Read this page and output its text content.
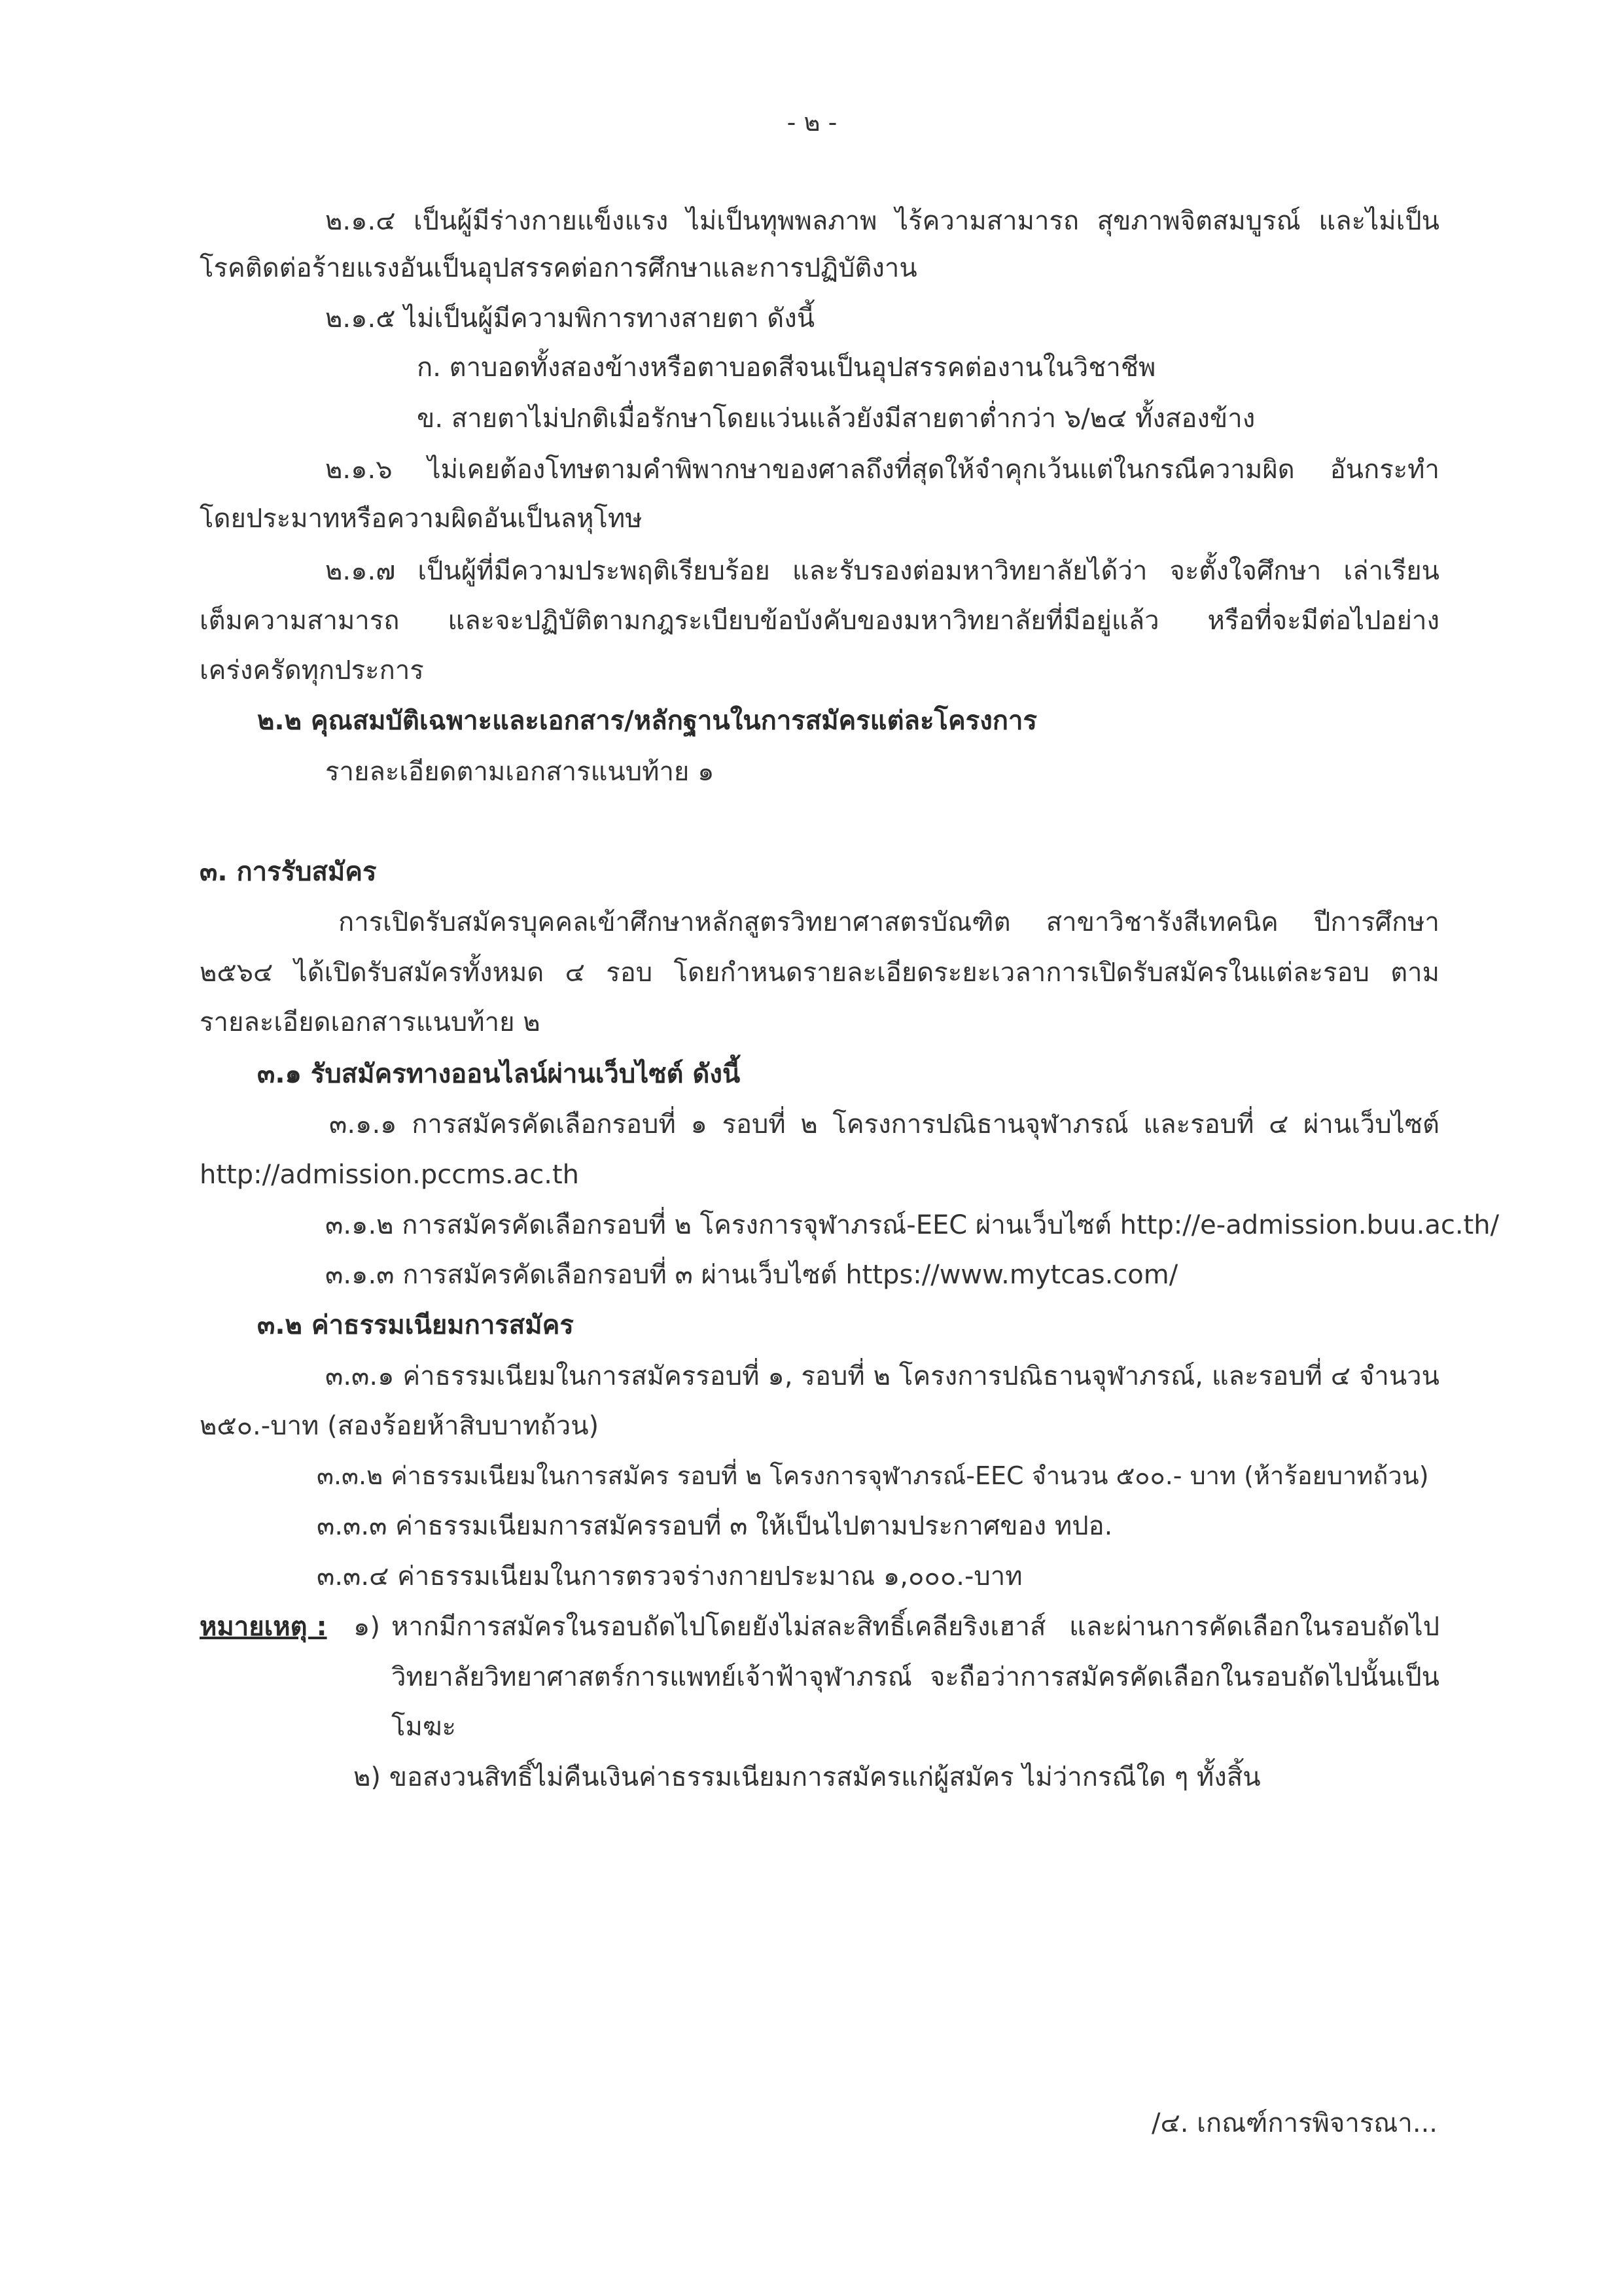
- ๒ -
๒.๑.๔ เป็นผู้มีร่างกายแข็งแรง ไม่เป็นทุพพลภาพ ไร้ความสามารถ สุขภาพจิตสมบูรณ์ และไม่เป็น
โรคติดต่อร้ายแรงอันเป็นอุปสรรคต่อการศึกษาและการปฏิบัติงาน
๒.๑.๕ ไม่เป็นผู้มีความพิการทางสายตา ดังนี้
ก. ตาบอดทั้งสองข้างหรือตาบอดสีจนเป็นอุปสรรคต่องานในวิชาชีพ
ข. สายตาไม่ปกติเมื่อรักษาโดยแว่นแล้วยังมีสายตาต่ำกว่า ๖/๒๔ ทั้งสองข้าง
๒.๑.๖ ไม่เคยต้องโทษตามคำพิพากษาของศาลถึงที่สุดให้จำคุกเว้นแต่ในกรณีความผิด อันกระทำ
โดยประมาทหรือความผิดอันเป็นลหุโทษ
๒.๑.๗ เป็นผู้ที่มีความประพฤติเรียบร้อย และรับรองต่อมหาวิทยาลัยได้ว่า จะตั้งใจศึกษา เล่าเรียน
เต็มความสามารถ และจะปฏิบัติตามกฎระเบียบข้อบังคับของมหาวิทยาลัยที่มีอยู่แล้ว หรือที่จะมีต่อไปอย่าง
เคร่งครัดทุกประการ
๒.๒ คุณสมบัติเฉพาะและเอกสาร/หลักฐานในการสมัครแต่ละโครงการ
รายละเอียดตามเอกสารแนบท้าย ๑
๓. การรับสมัคร
การเปิดรับสมัครบุคคลเข้าศึกษาหลักสูตรวิทยาศาสตรบัณฑิต สาขาวิชารังสีเทคนิค ปีการศึกษา
๒๕๖๔ ได้เปิดรับสมัครทั้งหมด ๔ รอบ โดยกำหนดรายละเอียดระยะเวลาการเปิดรับสมัครในแต่ละรอบ ตาม
รายละเอียดเอกสารแนบท้าย ๒
๓.๑ รับสมัครทางออนไลน์ผ่านเว็บไซต์ ดังนี้
๓.๑.๑ การสมัครคัดเลือกรอบที่ ๑ รอบที่ ๒ โครงการปณิธานจุฬาภรณ์ และรอบที่ ๔ ผ่านเว็บไซต์
http://admission.pccms.ac.th
๓.๑.๒ การสมัครคัดเลือกรอบที่ ๒ โครงการจุฬาภรณ์-EEC ผ่านเว็บไซต์ http://e-admission.buu.ac.th/
๓.๑.๓ การสมัครคัดเลือกรอบที่ ๓ ผ่านเว็บไซต์ https://www.mytcas.com/
๓.๒ ค่าธรรมเนียมการสมัคร
๓.๓.๑ ค่าธรรมเนียมในการสมัครรอบที่ ๑, รอบที่ ๒ โครงการปณิธานจุฬาภรณ์, และรอบที่ ๔ จำนวน
๒๕๐.-บาท (สองร้อยห้าสิบบาทถ้วน)
๓.๓.๒ ค่าธรรมเนียมในการสมัคร รอบที่ ๒ โครงการจุฬาภรณ์-EEC จำนวน ๕๐๐.- บาท (ห้าร้อยบาทถ้วน)
๓.๓.๓ ค่าธรรมเนียมการสมัครรอบที่ ๓ ให้เป็นไปตามประกาศของ ทปอ.
๓.๓.๔ ค่าธรรมเนียมในการตรวจร่างกายประมาณ ๑,๐๐๐.-บาท
หมายเหตุ : ๑) หากมีการสมัครในรอบถัดไปโดยยังไม่สละสิทธิ์เคลียริงเฮาส์ และผ่านการคัดเลือกในรอบถัดไป
วิทยาลัยวิทยาศาสตร์การแพทย์เจ้าฟ้าจุฬาภรณ์ จะถือว่าการสมัครคัดเลือกในรอบถัดไปนั้นเป็น
โมฆะ
๒) ขอสงวนสิทธิ์ไม่คืนเงินค่าธรรมเนียมการสมัครแก่ผู้สมัคร ไม่ว่ากรณีใด ๆ ทั้งสิ้น
/๔. เกณฑ์การพิจารณา...
